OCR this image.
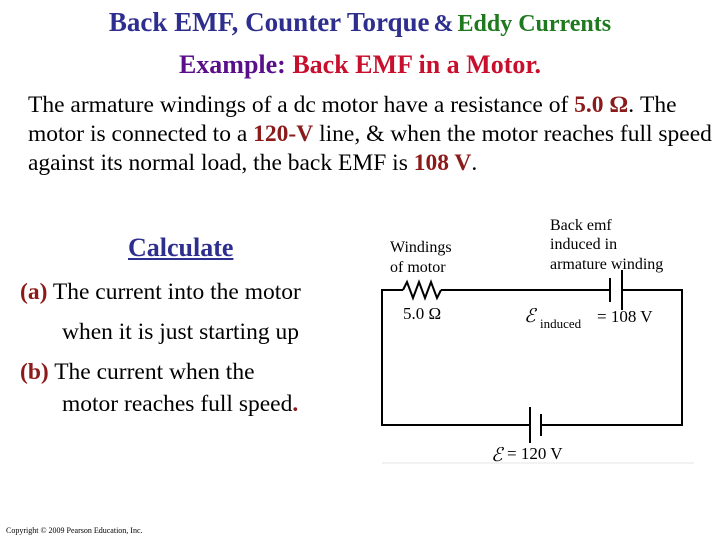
Back EMF, Counter Torque & Eddy Currents
Example: Back EMF in a Motor.
The armature windings of a dc motor have a resistance of 5.0 Ω. The motor is connected to a 120-V line, & when the motor reaches full speed against its normal load, the back EMF is 108 V.
Calculate
(a) The current into the motor
when it is just starting up
(b) The current when the
motor reaches full speed.
Windings
of motor
5.0 Ω
Back emf
induced in
armature winding
ℰ induced = 108 V
ℰ = 120 V
Copyright © 2009 Pearson Education, Inc.
